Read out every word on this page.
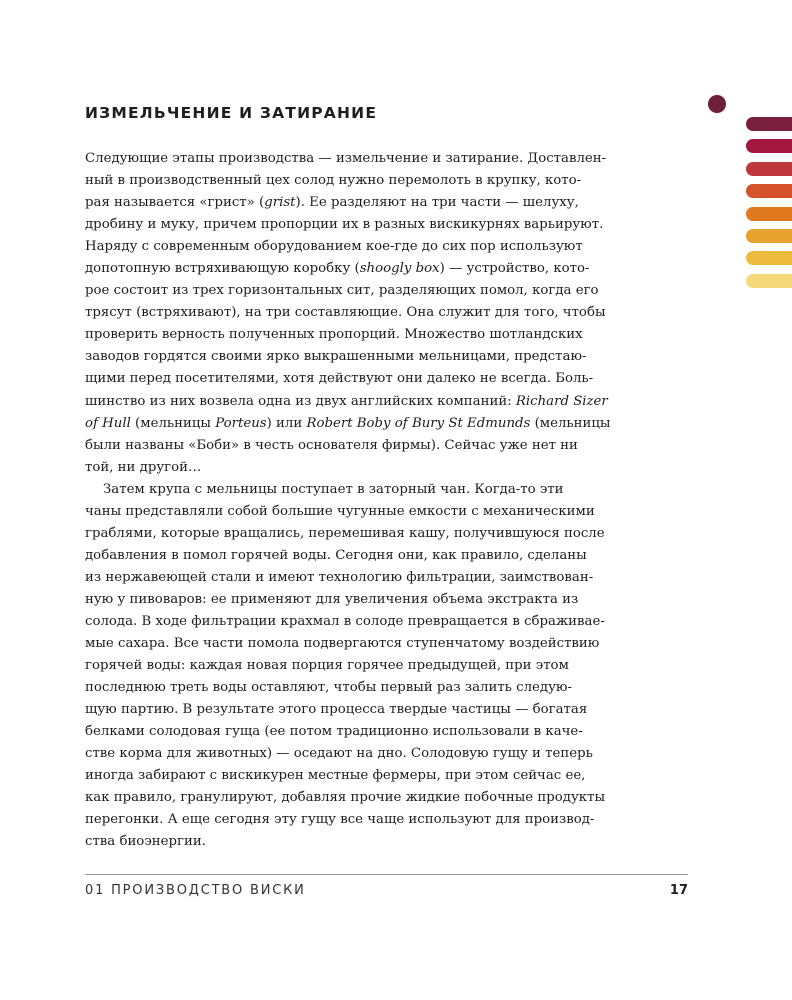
ИЗМЕЛЬЧЕНИЕ И ЗАТИРАНИЕ
Следующие этапы производства — измельчение и затирание. Доставлен-
ный в производственный цех солод нужно перемолоть в крупку, кото-
рая называется «грист» (grist). Ее разделяют на три части — шелуху,
дробину и муку, причем пропорции их в разных вискикурнях варьируют.
Наряду с современным оборудованием кое-где до сих пор используют
допотопную встряхивающую коробку (shoogly box) — устройство, кото-
рое состоит из трех горизонтальных сит, разделяющих помол, когда его
трясут (встряхивают), на три составляющие. Она служит для того, чтобы
проверить верность полученных пропорций. Множество шотландских
заводов гордятся своими ярко выкрашенными мельницами, предстаю-
щими перед посетителями, хотя действуют они далеко не всегда. Боль-
шинство из них возвела одна из двух английских компаний: Richard Sizer
of Hull (мельницы Porteus) или Robert Boby of Bury St Edmunds (мельницы
были названы «Боби» в честь основателя фирмы). Сейчас уже нет ни
той, ни другой…
Затем крупа с мельницы поступает в заторный чан. Когда-то эти
чаны представляли собой большие чугунные емкости с механическими
граблями, которые вращались, перемешивая кашу, получившуюся после
добавления в помол горячей воды. Сегодня они, как правило, сделаны
из нержавеющей стали и имеют технологию фильтрации, заимствован-
ную у пивоваров: ее применяют для увеличения объема экстракта из
солода. В ходе фильтрации крахмал в солоде превращается в сбраживае-
мые сахара. Все части помола подвергаются ступенчатому воздействию
горячей воды: каждая новая порция горячее предыдущей, при этом
последнюю треть воды оставляют, чтобы первый раз залить следую-
щую партию. В результате этого процесса твердые частицы — богатая
белками солодовая гуща (ее потом традиционно использовали в каче-
стве корма для животных) — оседают на дно. Солодовую гущу и теперь
иногда забирают с вискикурен местные фермеры, при этом сейчас ее,
как правило, гранулируют, добавляя прочие жидкие побочные продукты
перегонки. А еще сегодня эту гущу все чаще используют для производ-
ства биоэнергии.
01 ПРОИЗВОДСТВО ВИСКИ	17
